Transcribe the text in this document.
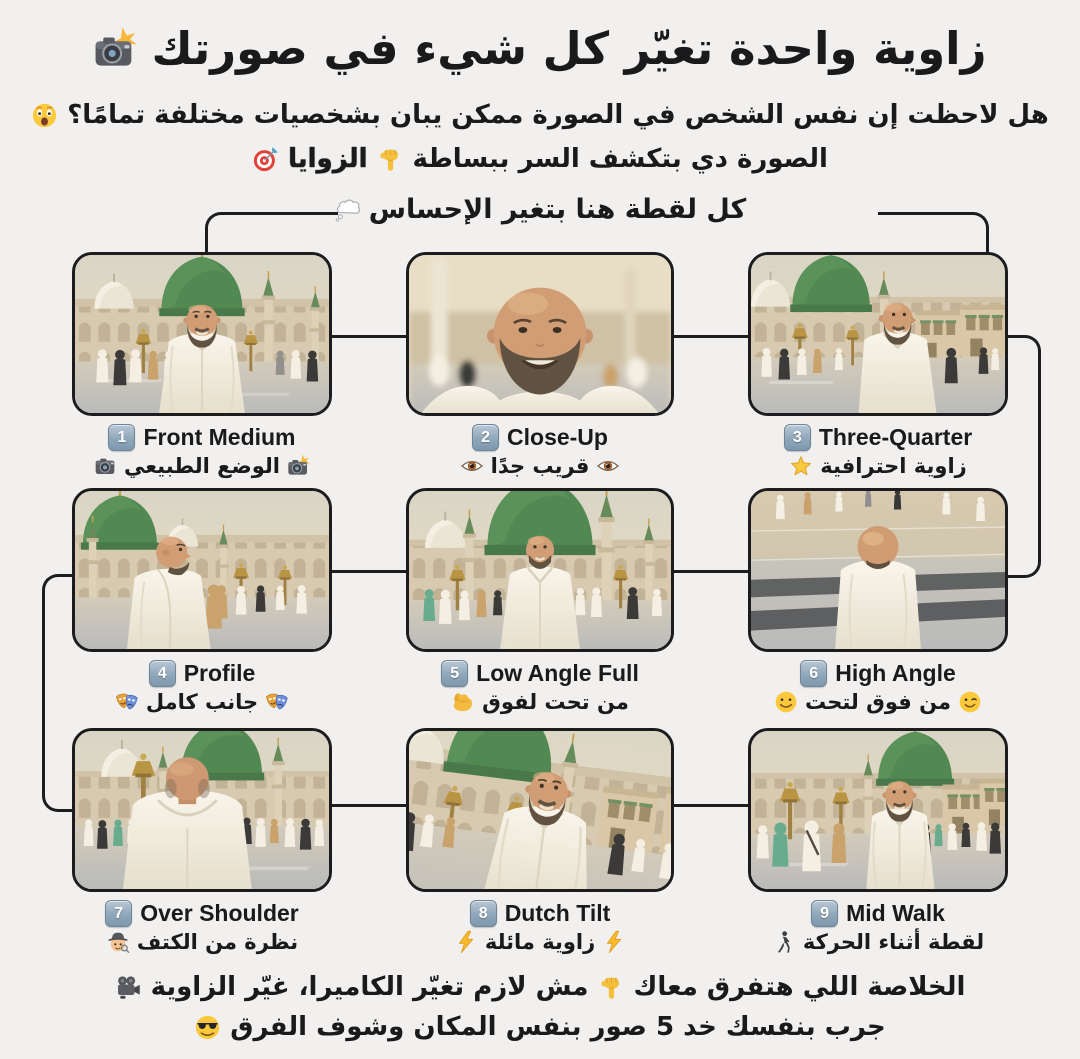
زاوية واحدة تغيّر كل شيء في صورتك
هل لاحظت إن نفس الشخص في الصورة ممكن يبان بشخصيات مختلفة تمامًا؟
الصورة دي بتكشف السر ببساطة
الزوايا
كل لقطة هنا بتغير الإحساس
1 Front Medium
الوضع الطبيعي
2 Close-Up
قريب جدًا
3 Three-Quarter
زاوية احترافية
4 Profile
جانب كامل
5 Low Angle Full
من تحت لفوق
6 High Angle
من فوق لتحت
7 Over Shoulder
نظرة من الكتف
8 Dutch Tilt
زاوية مائلة
9 Mid Walk
لقطة أثناء الحركة
الخلاصة اللي هتفرق معاك
مش لازم تغيّر الكاميرا، غيّر الزاوية
جرب بنفسك خد 5 صور بنفس المكان وشوف الفرق
